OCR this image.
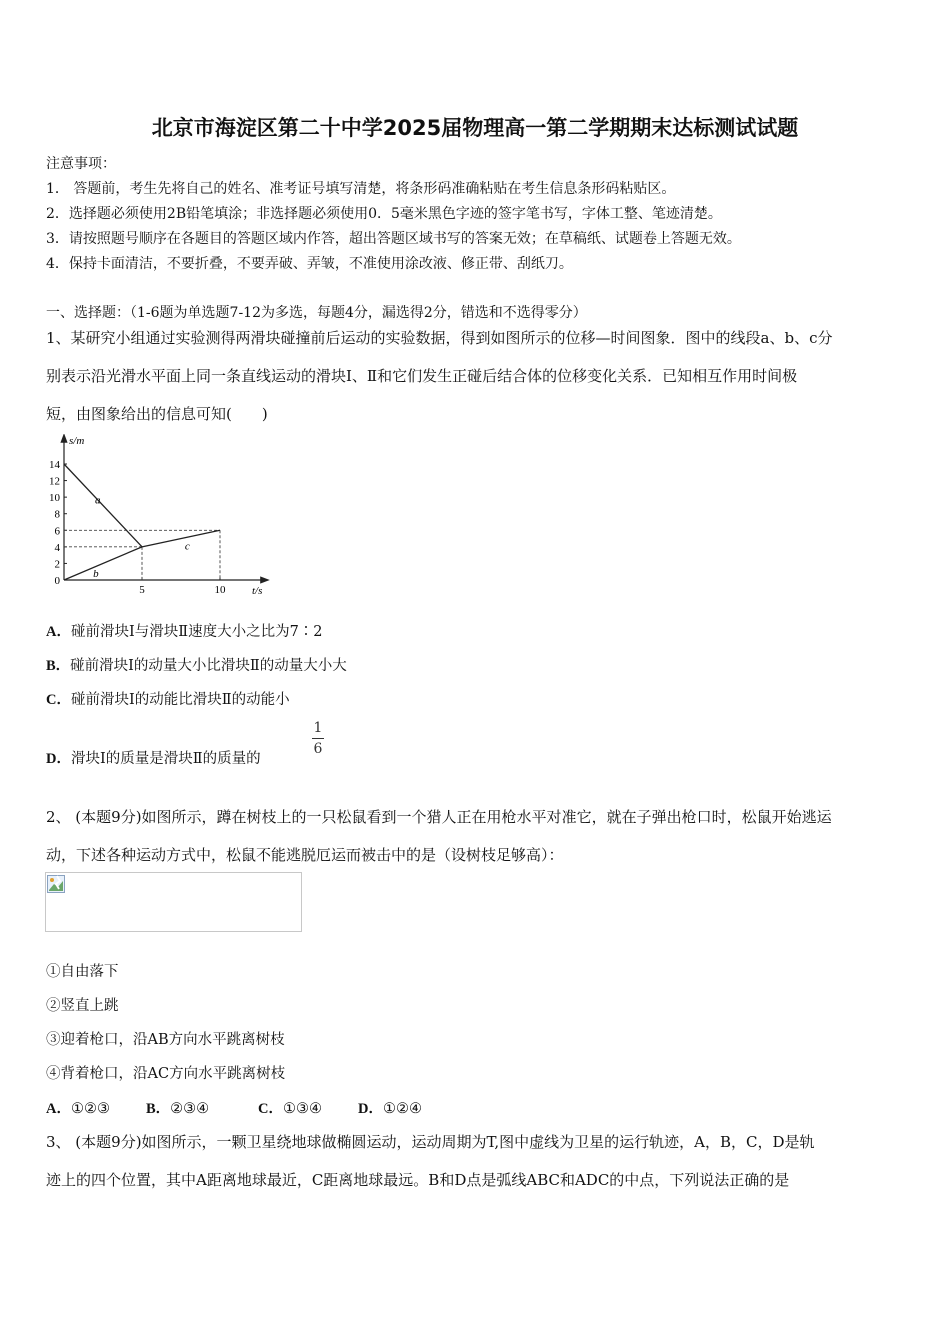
北京市海淀区第二十中学2025届物理高一第二学期期末达标测试试题
注意事项：
1． 答题前，考生先将自己的姓名、准考证号填写清楚，将条形码准确粘贴在考生信息条形码粘贴区。
2．选择题必须使用2B铅笔填涂；非选择题必须使用0．5毫米黑色字迹的签字笔书写，字体工整、笔迹清楚。
3．请按照题号顺序在各题目的答题区域内作答，超出答题区域书写的答案无效；在草稿纸、试题卷上答题无效。
4．保持卡面清洁，不要折叠，不要弄破、弄皱，不准使用涂改液、修正带、刮纸刀。
一、选择题：（1-6题为单选题7-12为多选，每题4分，漏选得2分，错选和不选得零分）
1、某研究小组通过实验测得两滑块碰撞前后运动的实验数据，得到如图所示的位移—时间图象．图中的线段a、b、c分
别表示沿光滑水平面上同一条直线运动的滑块Ⅰ、Ⅱ和它们发生正碰后结合体的位移变化关系．已知相互作用时间极
短，由图象给出的信息可知(　　)
s/m
t/s
0
2
4
6
8
10
12
14
5	10
a
b
c
A．碰前滑块Ⅰ与滑块Ⅱ速度大小之比为7∶2
B．碰前滑块Ⅰ的动量大小比滑块Ⅱ的动量大小大
C．碰前滑块Ⅰ的动能比滑块Ⅱ的动能小
D．滑块Ⅰ的质量是滑块Ⅱ的质量的
1
6
2、 (本题9分)如图所示，蹲在树枝上的一只松鼠看到一个猎人正在用枪水平对准它，就在子弹出枪口时，松鼠开始逃运
动，下述各种运动方式中，松鼠不能逃脱厄运而被击中的是（设树枝足够高）：
①自由落下
②竖直上跳
③迎着枪口，沿AB方向水平跳离树枝
④背着枪口，沿AC方向水平跳离树枝
A．①②③ B．②③④	C．①③④ D．①②④
3、 (本题9分)如图所示，一颗卫星绕地球做椭圆运动，运动周期为T,图中虚线为卫星的运行轨迹，A，B，C，D是轨
迹上的四个位置，其中A距离地球最近，C距离地球最远。B和D点是弧线ABC和ADC的中点，下列说法正确的是
